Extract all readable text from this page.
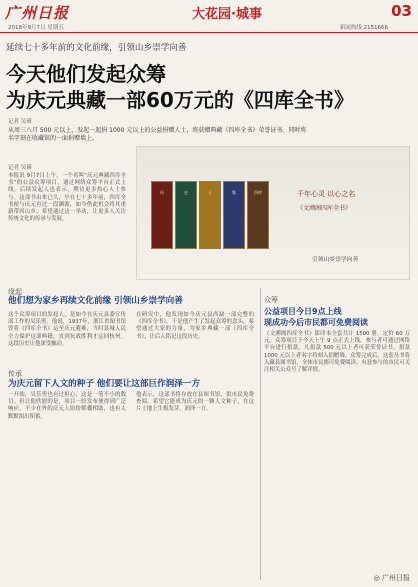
广州日报	大花园·城事	03
2018年9月7日 星期五	新闻热线 2151666
延续七十多年前的文化前缘，引领山乡崇学向善
今天他们发起众筹
为庆元典藏一部60万元的《四库全书》
记者 吴瑛
从周三八月 500 元以上，发起一起捐 1000 元以上的公益捐赠人士，将获赠典藏《四库全书》荣誉证书。同时将名字刻在收藏馆的一面捐赠墙上。
记者 吴瑛
本报讯 9月7日上午，一个名叫“庆元典藏四库全书”的公益众筹项目，通过网络众筹平台正式上线。后续发起人也表示，期待更多热心人士参与。这部书由来已久，早在七十多年前，四库全书便与庆元有过一段渊源，如今借此机会将其重新带回山乡。希望通过这一举动，让更多人关注传统文化的传承与发展。
经	史	子	集	四库	千年心灵 以心之名
《文溯阁四库全书》
引领山乡崇学向善
缘起
他们想为家乡再续文化前缘 引领山乡崇学向善
这个众筹项目的发起人，是如今在庆元县委宣传部工作的吴乐勇。他说，1937年，浙江省图书馆曾将《四库全书》运至庆元避难，当时县城人民全力保护这部典籍，直到抗战胜利才运回杭州。这段历史让他深受触动。
在研究中，他发现如今庆元县尚缺一部完整的《四库全书》。于是他产生了发起众筹的念头，希望通过大家的力量，为家乡典藏一部《四库全书》，让后人铭记这段历史。
传承
为庆元留下人文的种子 他们要让这部巨作润泽一方
一开始，吴乐勇也有过担心，这是一笔不小的数目。但让他欣慰的是，项目一经发布便得到广泛响应，不少在外的庆元人纷纷解囊相助，也有人默默捐出积蓄。
他表示，这部书将存放在县图书馆，供市民免费查阅。希望它能成为庆元的一颗人文种子，在这片土地上生根发芽，润泽一方。
众筹
公益项目今日9点上线
现成功今后市民都可免费阅读
《文溯阁四库全书》影印本全套共计 1500 册，定价 60 万元。众筹项目于今天上午 9 点正式上线，参与者可通过网络平台进行捐款。凡捐款 500 元以上者可获荣誉证书，捐款 1000 元以上者名字将刻入捐赠墙。众筹完成后，这套丛书将入藏县图书馆，全体市民都可免费阅读。有意参与的市民可关注相关公众号了解详情。
◎ 广州日报
